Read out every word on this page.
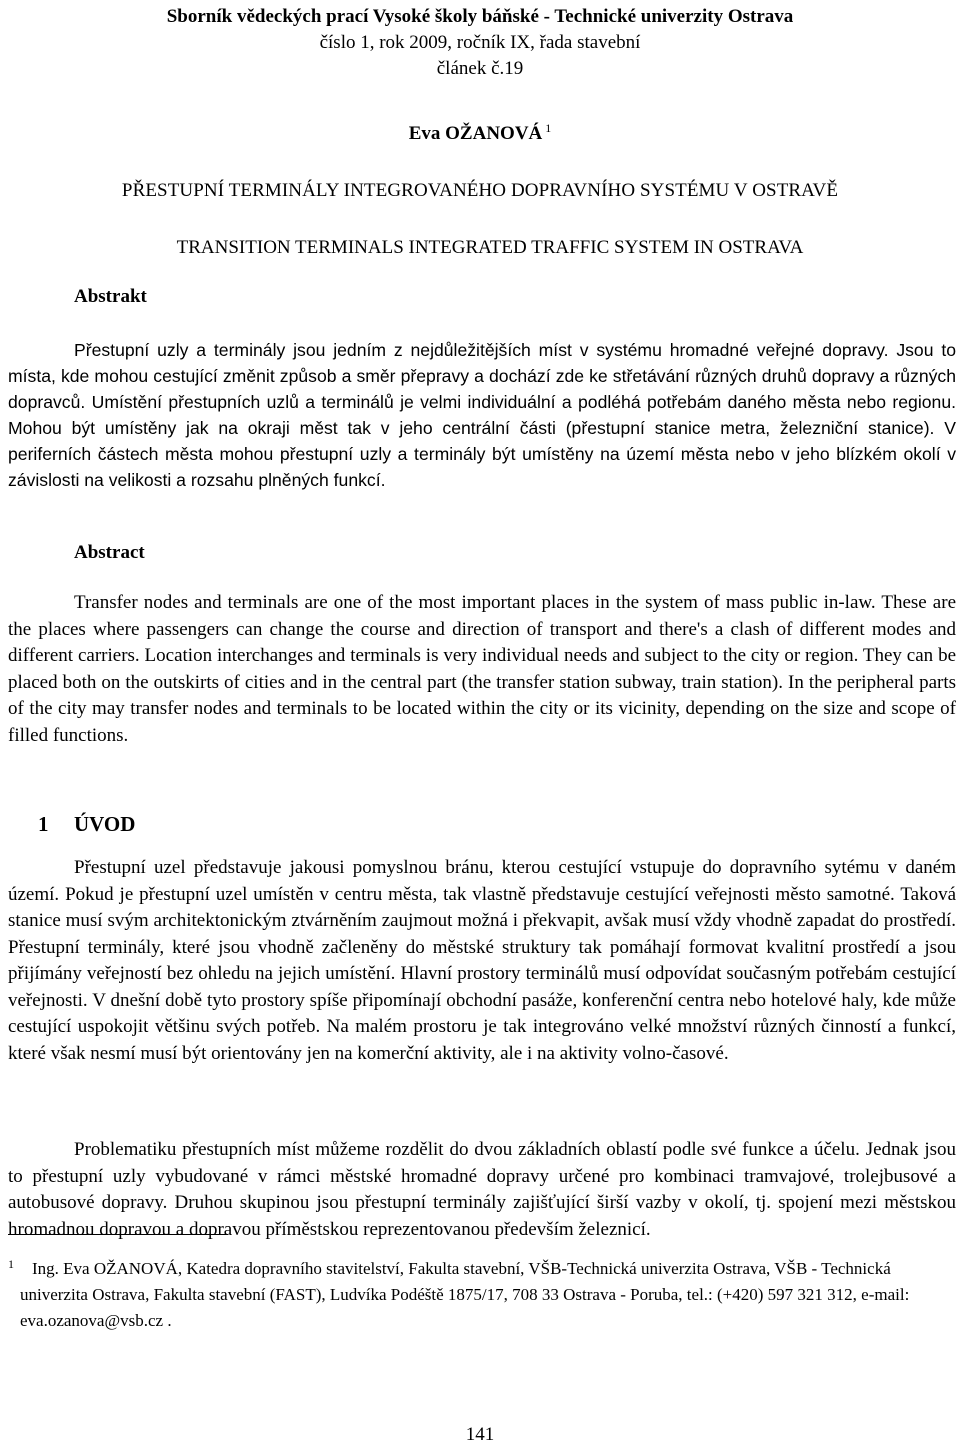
Sborník vědeckých prací Vysoké školy báňské - Technické univerzity Ostrava
číslo 1, rok 2009, ročník IX, řada stavební
článek č.19
Eva OŽANOVÁ $^1$
PŘESTUPNÍ TERMINÁLY INTEGROVANÉHO DOPRAVNÍHO SYSTÉMU V OSTRAVĚ
TRANSITION TERMINALS INTEGRATED TRAFFIC SYSTEM IN OSTRAVA
Abstrakt

Přestupní uzly a terminály jsou jedním z nejdůležitějších míst v systému hromadné veřejné dopravy. Jsou to místa, kde mohou cestující změnit způsob a směr přepravy a dochází zde ke střetávání různých druhů dopravy a různých dopravců. Umístění přestupních uzlů a terminálů je velmi individuální a podléhá potřebám daného města nebo regionu. Mohou být umístěny jak na okraji měst tak v jeho centrální části (přestupní stanice metra, železniční stanice). V periferních částech města mohou přestupní uzly a terminály být umístěny na území města nebo v jeho blízkém okolí v závislosti na velikosti a rozsahu plněných funkcí.

Abstract

Transfer nodes and terminals are one of the most important places in the system of mass public in-law. These are the places where passengers can change the course and direction of transport and there's a clash of different modes and different carriers. Location interchanges and terminals is very individual needs and subject to the city or region. They can be placed both on the outskirts of cities and in the central part (the transfer station subway, train station). In the peripheral parts of the city may transfer nodes and terminals to be located within the city or its vicinity, depending on the size and scope of filled functions.

1 ÚVOD

Přestupní uzel představuje jakousi pomyslnou bránu, kterou cestující vstupuje do dopravního sytému v daném území. Pokud je přestupní uzel umístěn v centru města, tak vlastně představuje cestující veřejnosti město samotné. Taková stanice musí svým architektonickým ztvárněním zaujmout možná i překvapit, avšak musí vždy vhodně zapadat do prostředí. Přestupní terminály, které jsou vhodně začleněny do městské struktury tak pomáhají formovat kvalitní prostředí a jsou přijímány veřejností bez ohledu na jejich umístění. Hlavní prostory terminálů musí odpovídat současným potřebám cestující veřejnosti. V dnešní době tyto prostory spíše připomínají obchodní pasáže, konferenční centra nebo hotelové haly, kde může cestující uspokojit většinu svých potřeb. Na malém prostoru je tak integrováno velké množství různých činností a funkcí, které však nesmí musí být orientovány jen na komerční aktivity, ale i na aktivity volno-časové.

Problematiku přestupních míst můžeme rozdělit do dvou základních oblastí podle své funkce a účelu. Jednak jsou to přestupní uzly vybudované v rámci městské hromadné dopravy určené pro kombinaci tramvajové, trolejbusové a autobusové dopravy. Druhou skupinou jsou přestupní terminály zajišťující širší vazby v okolí, tj. spojení mezi městskou hromadnou dopravou a dopravou příměstskou reprezentovanou především železnicí.

1	Ing. Eva OŽANOVÁ, Katedra dopravního stavitelství, Fakulta stavební, VŠB-Technická univerzita Ostrava, VŠB - Technická univerzita Ostrava, Fakulta stavební (FAST), Ludvíka Podéště 1875/17, 708 33 Ostrava - Poruba, tel.: (+420) 597 321 312, e-mail: eva.ozanova@vsb.cz .
141
